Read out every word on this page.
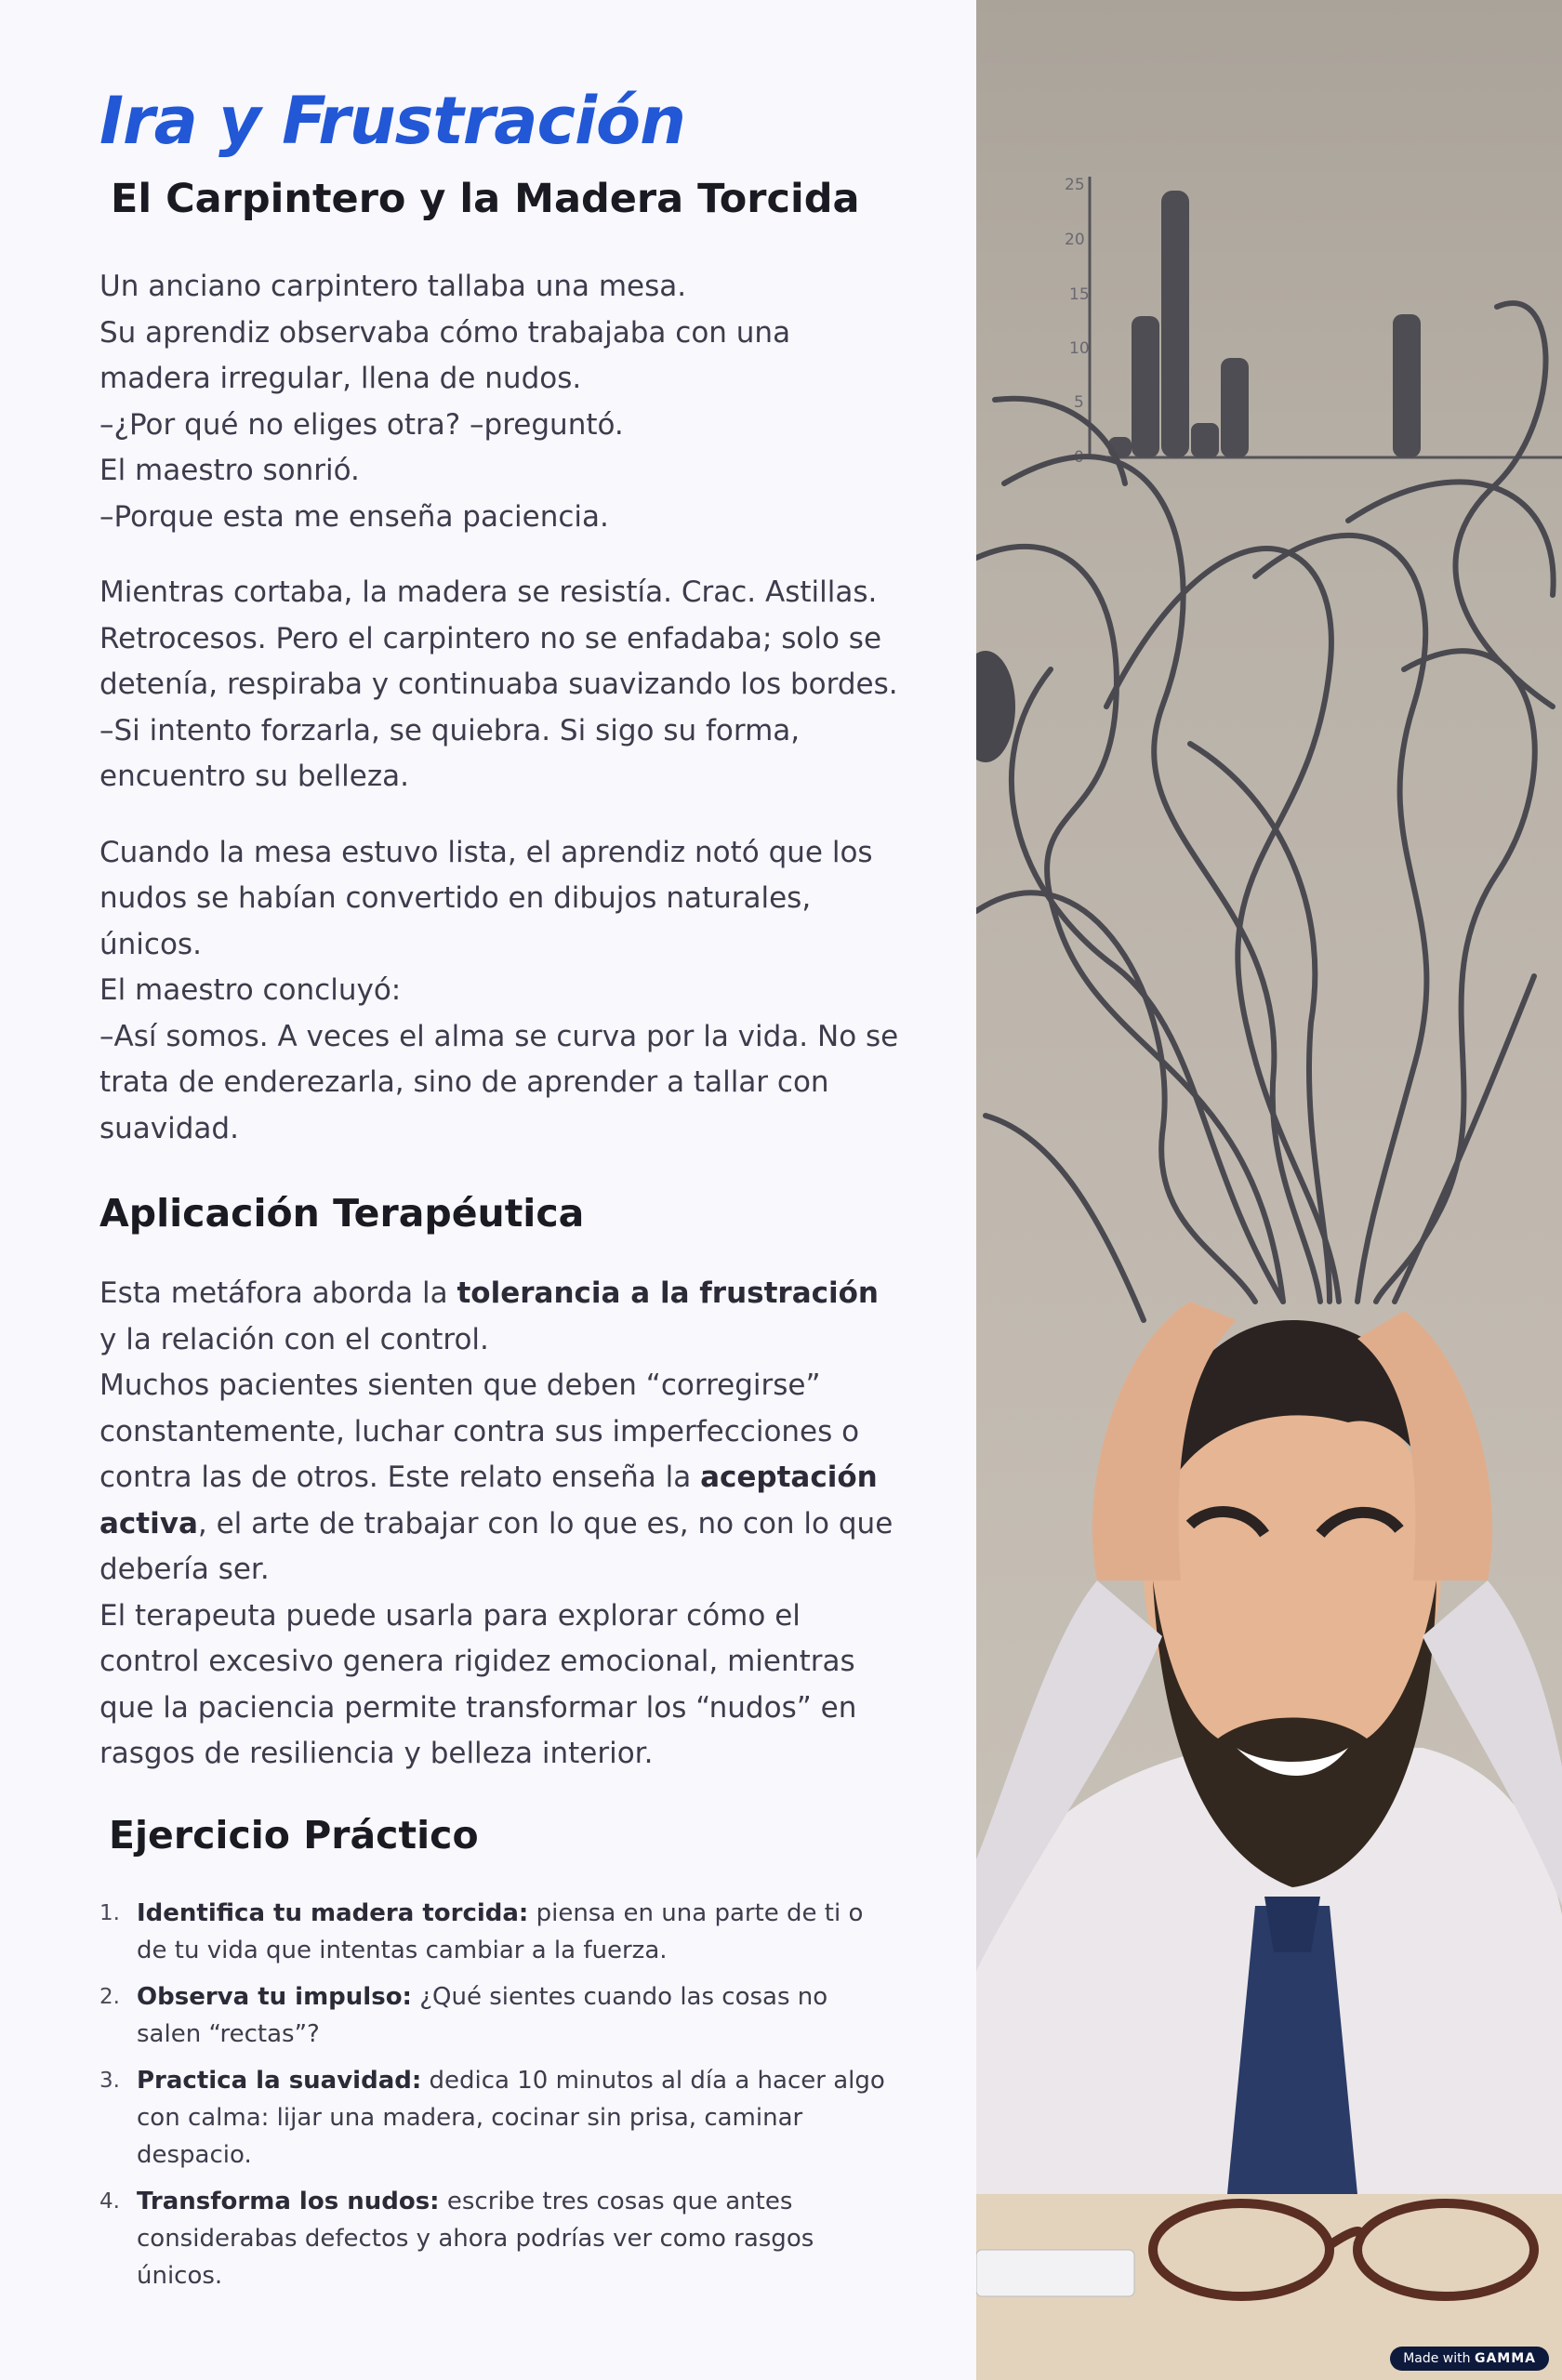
Ira y Frustración
El Carpintero y la Madera Torcida

Un anciano carpintero tallaba una mesa.
Su aprendiz observaba cómo trabajaba con una madera irregular, llena de nudos.
–¿Por qué no eliges otra? –preguntó.
El maestro sonrió.
–Porque esta me enseña paciencia.

Mientras cortaba, la madera se resistía. Crac. Astillas. Retrocesos. Pero el carpintero no se enfadaba; solo se detenía, respiraba y continuaba suavizando los bordes.
–Si intento forzarla, se quiebra. Si sigo su forma, encuentro su belleza.

Cuando la mesa estuvo lista, el aprendiz notó que los nudos se habían convertido en dibujos naturales, únicos.
El maestro concluyó:
–Así somos. A veces el alma se curva por la vida. No se trata de enderezarla, sino de aprender a tallar con suavidad.

Aplicación Terapéutica

Esta metáfora aborda la tolerancia a la frustración y la relación con el control.
Muchos pacientes sienten que deben “corregirse” constantemente, luchar contra sus imperfecciones o contra las de otros. Este relato enseña la aceptación activa, el arte de trabajar con lo que es, no con lo que debería ser.
El terapeuta puede usarla para explorar cómo el control excesivo genera rigidez emocional, mientras que la paciencia permite transformar los “nudos” en rasgos de resiliencia y belleza interior.

Ejercicio Práctico
1. Identifica tu madera torcida: piensa en una parte de ti o de tu vida que intentas cambiar a la fuerza.
2. Observa tu impulso: ¿Qué sientes cuando las cosas no salen “rectas”?
3. Practica la suavidad: dedica 10 minutos al día a hacer algo con calma: lijar una madera, cocinar sin prisa, caminar despacio.
4. Transforma los nudos: escribe tres cosas que antes considerabas defectos y ahora podrías ver como rasgos únicos.
25
20
15
10
5
0
Made with GAMMA
